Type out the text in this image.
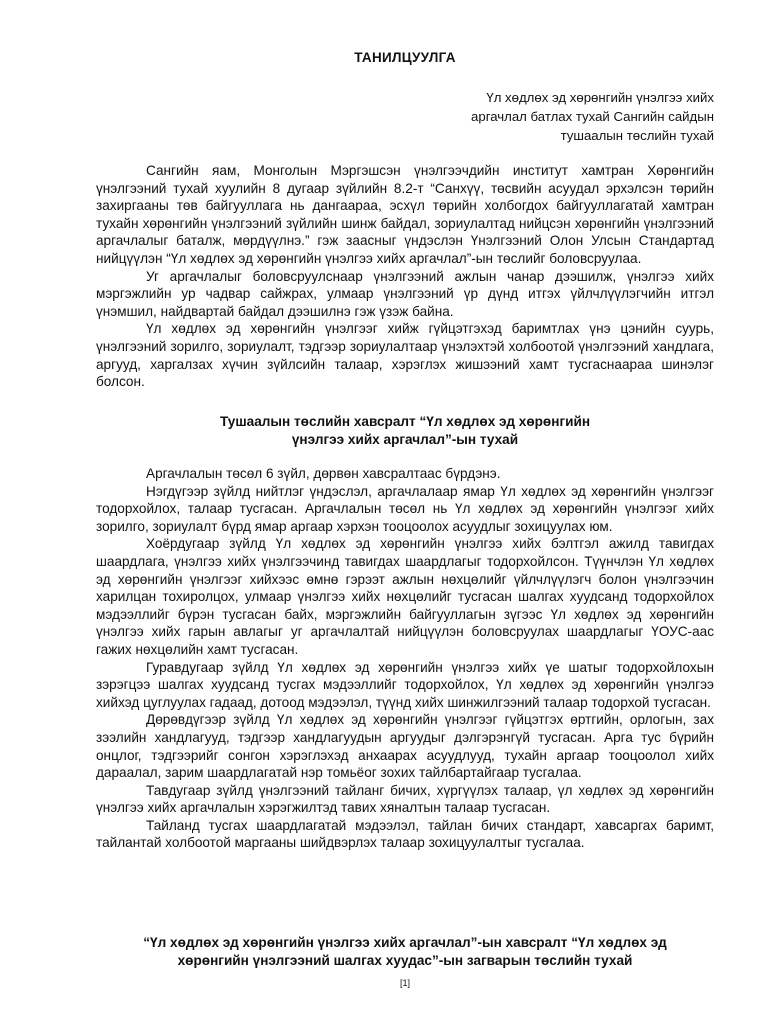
ТАНИЛЦУУЛГА
Үл хөдлөх эд хөрөнгийн үнэлгээ хийх
аргачлал батлах тухай Сангийн сайдын
тушаалын төслийн тухай

Сангийн яам, Монголын Мэргэшсэн үнэлгээчдийн институт хамтран Хөрөнгийн үнэлгээний тухай хуулийн 8 дугаар зүйлийн 8.2-т “Санхүү, төсвийн асуудал эрхэлсэн төрийн захиргааны төв байгууллага нь дангаараа, эсхүл төрийн холбогдох байгууллагатай хамтран тухайн хөрөнгийн үнэлгээний зүйлийн шинж байдал, зориулалтад нийцсэн хөрөнгийн үнэлгээний аргачлалыг баталж, мөрдүүлнэ.” гэж заасныг үндэслэн Үнэлгээний Олон Улсын Стандартад нийцүүлэн “Үл хөдлөх эд хөрөнгийн үнэлгээ хийх аргачлал”-ын төслийг боловсруулаа.

Уг аргачлалыг боловсруулснаар үнэлгээний ажлын чанар дээшилж, үнэлгээ хийх мэргэжлийн ур чадвар сайжрах, улмаар үнэлгээний үр дүнд итгэх үйлчлүүлэгчийн итгэл үнэмшил, найдвартай байдал дээшилнэ гэж үзэж байна.

Үл хөдлөх эд хөрөнгийн үнэлгээг хийж гүйцэтгэхэд баримтлах үнэ цэнийн суурь, үнэлгээний зорилго, зориулалт, тэдгээр зориулалтаар үнэлэхтэй холбоотой үнэлгээний хандлага, аргууд, харгалзах хүчин зүйлсийн талаар, хэрэглэх жишээний хамт тусгаснаараа шинэлэг болсон.

Тушаалын төслийн хавсралт “Үл хөдлөх эд хөрөнгийн
үнэлгээ хийх аргачлал”-ын тухай

Аргачлалын төсөл 6 зүйл, дөрвөн хавсралтаас бүрдэнэ.

Нэгдүгээр зүйлд нийтлэг үндэслэл, аргачлалаар ямар Үл хөдлөх эд хөрөнгийн үнэлгээг тодорхойлох, талаар тусгасан. Аргачлалын төсөл нь Үл хөдлөх эд хөрөнгийн үнэлгээг хийх зорилго, зориулалт бүрд ямар аргаар хэрхэн тооцоолох асуудлыг зохицуулах юм.

Хоёрдугаар зүйлд Үл хөдлөх эд хөрөнгийн үнэлгээ хийх бэлтгэл ажилд тавигдах шаардлага, үнэлгээ хийх үнэлгээчинд тавигдах шаардлагыг тодорхойлсон. Түүнчлэн Үл хөдлөх эд хөрөнгийн үнэлгээг хийхээс өмнө гэрээт ажлын нөхцөлийг үйлчлүүлэгч болон үнэлгээчин харилцан тохиролцох, улмаар үнэлгээ хийх нөхцөлийг тусгасан шалгах хуудсанд тодорхойлох мэдээллийг бүрэн тусгасан байх, мэргэжлийн байгууллагын зүгээс Үл хөдлөх эд хөрөнгийн үнэлгээ хийх гарын авлагыг уг аргачлалтай нийцүүлэн боловсруулах шаардлагыг ҮОУС-аас гажих нөхцөлийн хамт тусгасан.

Гуравдугаар зүйлд Үл хөдлөх эд хөрөнгийн үнэлгээ хийх үе шатыг тодорхойлохын зэрэгцээ шалгах хуудсанд тусгах мэдээллийг тодорхойлох, Үл хөдлөх эд хөрөнгийн үнэлгээ хийхэд цуглуулах гадаад, дотоод мэдээлэл, түүнд хийх шинжилгээний талаар тодорхой тусгасан.

Дөрөвдүгээр зүйлд Үл хөдлөх эд хөрөнгийн үнэлгээг гүйцэтгэх өртгийн, орлогын, зах зээлийн хандлагууд, тэдгээр хандлагуудын аргуудыг дэлгэрэнгүй тусгасан. Арга тус бүрийн онцлог, тэдгээрийг сонгон хэрэглэхэд анхаарах асуудлууд, тухайн аргаар тооцоолол хийх дараалал, зарим шаардлагатай нэр томьёог зохих тайлбартайгаар тусгалаа.

Тавдугаар зүйлд үнэлгээний тайланг бичих, хүргүүлэх талаар, үл хөдлөх эд хөрөнгийн үнэлгээ хийх аргачлалын хэрэгжилтэд тавих хяналтын талаар тусгасан.

Тайланд тусгах шаардлагатай мэдээлэл, тайлан бичих стандарт, хавсаргах баримт, тайлантай холбоотой маргааны шийдвэрлэх талаар зохицуулалтыг тусгалаа.

“Үл хөдлөх эд хөрөнгийн үнэлгээ хийх аргачлал”-ын хавсралт “Үл хөдлөх эд
хөрөнгийн үнэлгээний шалгах хуудас”-ын загварын төслийн тухай
[1]
